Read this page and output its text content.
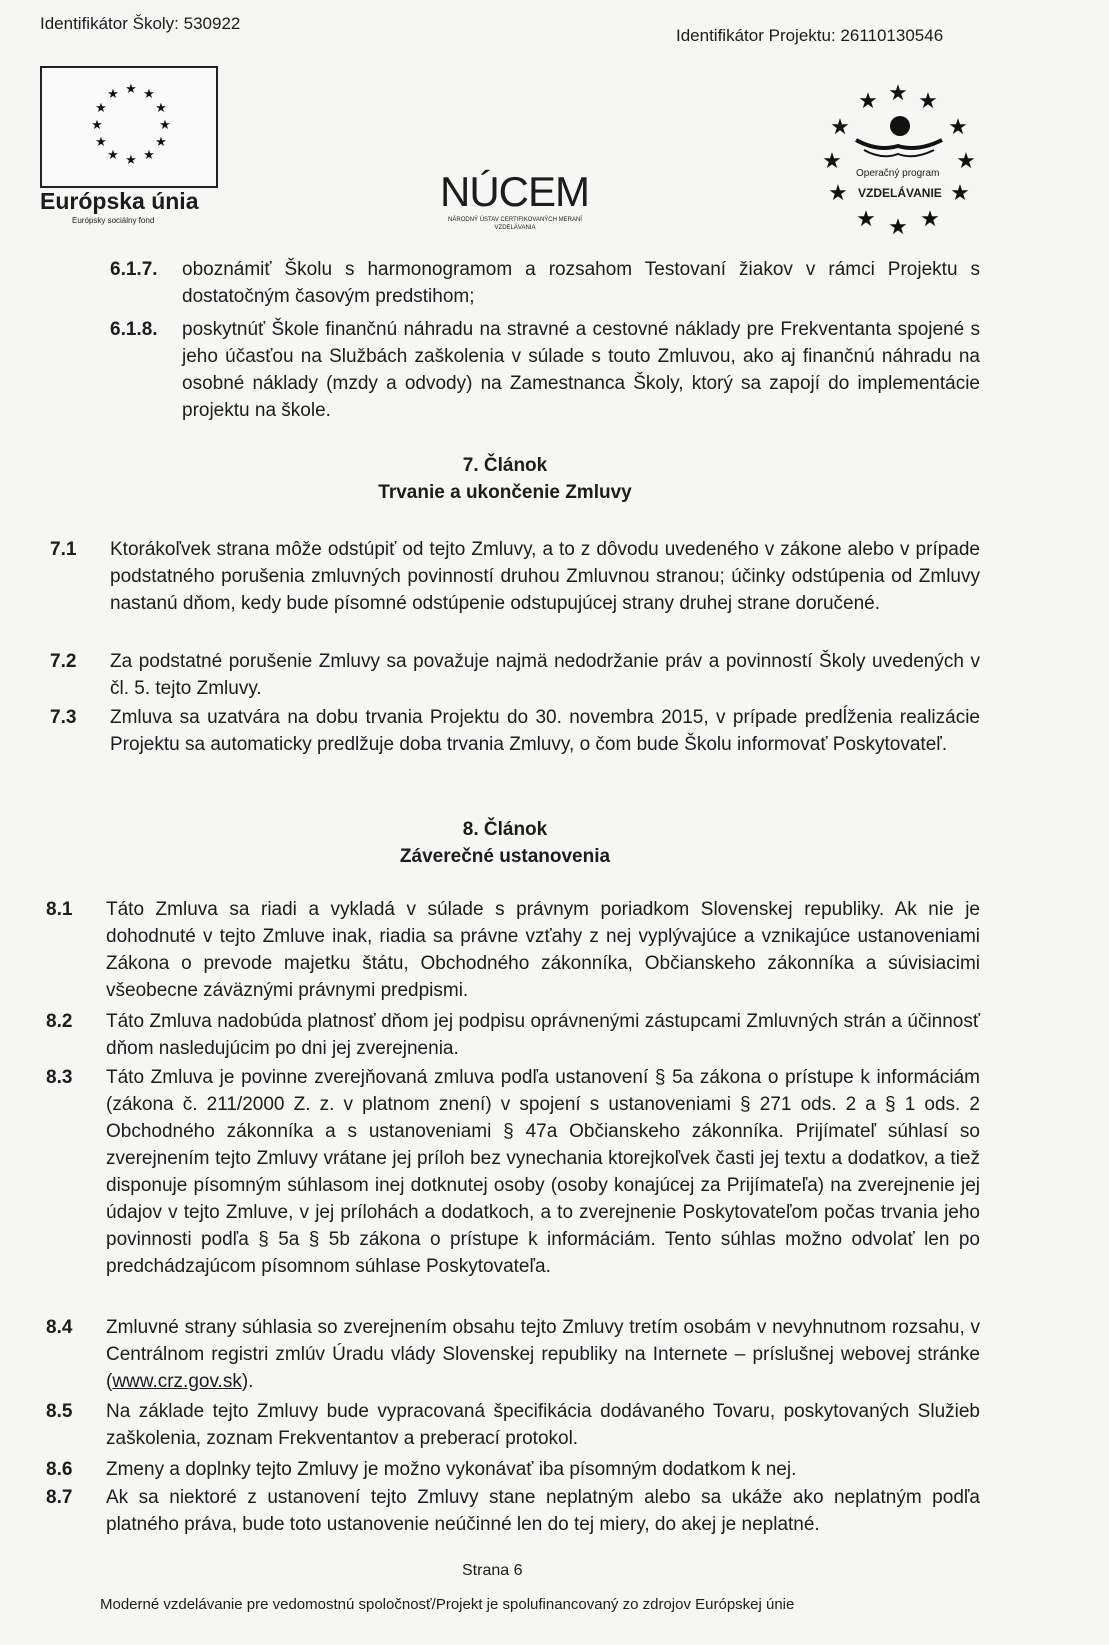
Identifikátor Školy: 530922
Identifikátor Projektu: 26110130546
★ ★
★
★
★
★
★
★
★
★
★
★
Európska únia
Európsky sociálny fond
NÚCEM
NÁRODNÝ ÚSTAV CERTIFIKOVANÝCH MERANÍ VZDELÁVANIA
★ ★ ★
★	★
★	★
★	★
★ ★ ★
Operačný program
VZDELÁVANIE
6.1.7. oboznámiť Školu s harmonogramom a rozsahom Testovaní žiakov v rámci Projektu s dostatočným časovým predstihom;
6.1.8. poskytnúť Škole finančnú náhradu na stravné a cestovné náklady pre Frekventanta spojené s jeho účasťou na Službách zaškolenia v súlade s touto Zmluvou, ako aj finančnú náhradu na osobné náklady (mzdy a odvody) na Zamestnanca Školy, ktorý sa zapojí do implementácie projektu na škole.
7. Článok
Trvanie a ukončenie Zmluvy
7.1 Ktorákoľvek strana môže odstúpiť od tejto Zmluvy, a to z dôvodu uvedeného v zákone alebo v prípade podstatného porušenia zmluvných povinností druhou Zmluvnou stranou; účinky odstúpenia od Zmluvy nastanú dňom, kedy bude písomné odstúpenie odstupujúcej strany druhej strane doručené.
7.2 Za podstatné porušenie Zmluvy sa považuje najmä nedodržanie práv a povinností Školy uvedených v čl. 5. tejto Zmluvy.
7.3 Zmluva sa uzatvára na dobu trvania Projektu do 30. novembra 2015, v prípade predĺženia realizácie Projektu sa automaticky predlžuje doba trvania Zmluvy, o čom bude Školu informovať Poskytovateľ.
8. Článok
Záverečné ustanovenia
8.1 Táto Zmluva sa riadi a vykladá v súlade s právnym poriadkom Slovenskej republiky. Ak nie je dohodnuté v tejto Zmluve inak, riadia sa právne vzťahy z nej vyplývajúce a vznikajúce ustanoveniami Zákona o prevode majetku štátu, Obchodného zákonníka, Občianskeho zákonníka a súvisiacimi všeobecne záväznými právnymi predpismi.
8.2 Táto Zmluva nadobúda platnosť dňom jej podpisu oprávnenými zástupcami Zmluvných strán a účinnosť dňom nasledujúcim po dni jej zverejnenia.
8.3 Táto Zmluva je povinne zverejňovaná zmluva podľa ustanovení § 5a zákona o prístupe k informáciám (zákona č. 211/2000 Z. z. v platnom znení) v spojení s ustanoveniami § 271 ods. 2 a § 1 ods. 2 Obchodného zákonníka a s ustanoveniami § 47a Občianskeho zákonníka. Prijímateľ súhlasí so zverejnením tejto Zmluvy vrátane jej príloh bez vynechania ktorejkoľvek časti jej textu a dodatkov, a tiež disponuje písomným súhlasom inej dotknutej osoby (osoby konajúcej za Prijímateľa) na zverejnenie jej údajov v tejto Zmluve, v jej prílohách a dodatkoch, a to zverejnenie Poskytovateľom počas trvania jeho povinnosti podľa § 5a § 5b zákona o prístupe k informáciám. Tento súhlas možno odvolať len po predchádzajúcom písomnom súhlase Poskytovateľa.
8.4 Zmluvné strany súhlasia so zverejnením obsahu tejto Zmluvy tretím osobám v nevyhnutnom rozsahu, v Centrálnom registri zmlúv Úradu vlády Slovenskej republiky na Internete – príslušnej webovej stránke (www.crz.gov.sk).
8.5 Na základe tejto Zmluvy bude vypracovaná špecifikácia dodávaného Tovaru, poskytovaných Služieb zaškolenia, zoznam Frekventantov a preberací protokol.
8.6 Zmeny a doplnky tejto Zmluvy je možno vykonávať iba písomným dodatkom k nej.
8.7 Ak sa niektoré z ustanovení tejto Zmluvy stane neplatným alebo sa ukáže ako neplatným podľa platného práva, bude toto ustanovenie neúčinné len do tej miery, do akej je neplatné.
Strana 6
Moderné vzdelávanie pre vedomostnú spoločnosť/Projekt je spolufinancovaný zo zdrojov Európskej únie
